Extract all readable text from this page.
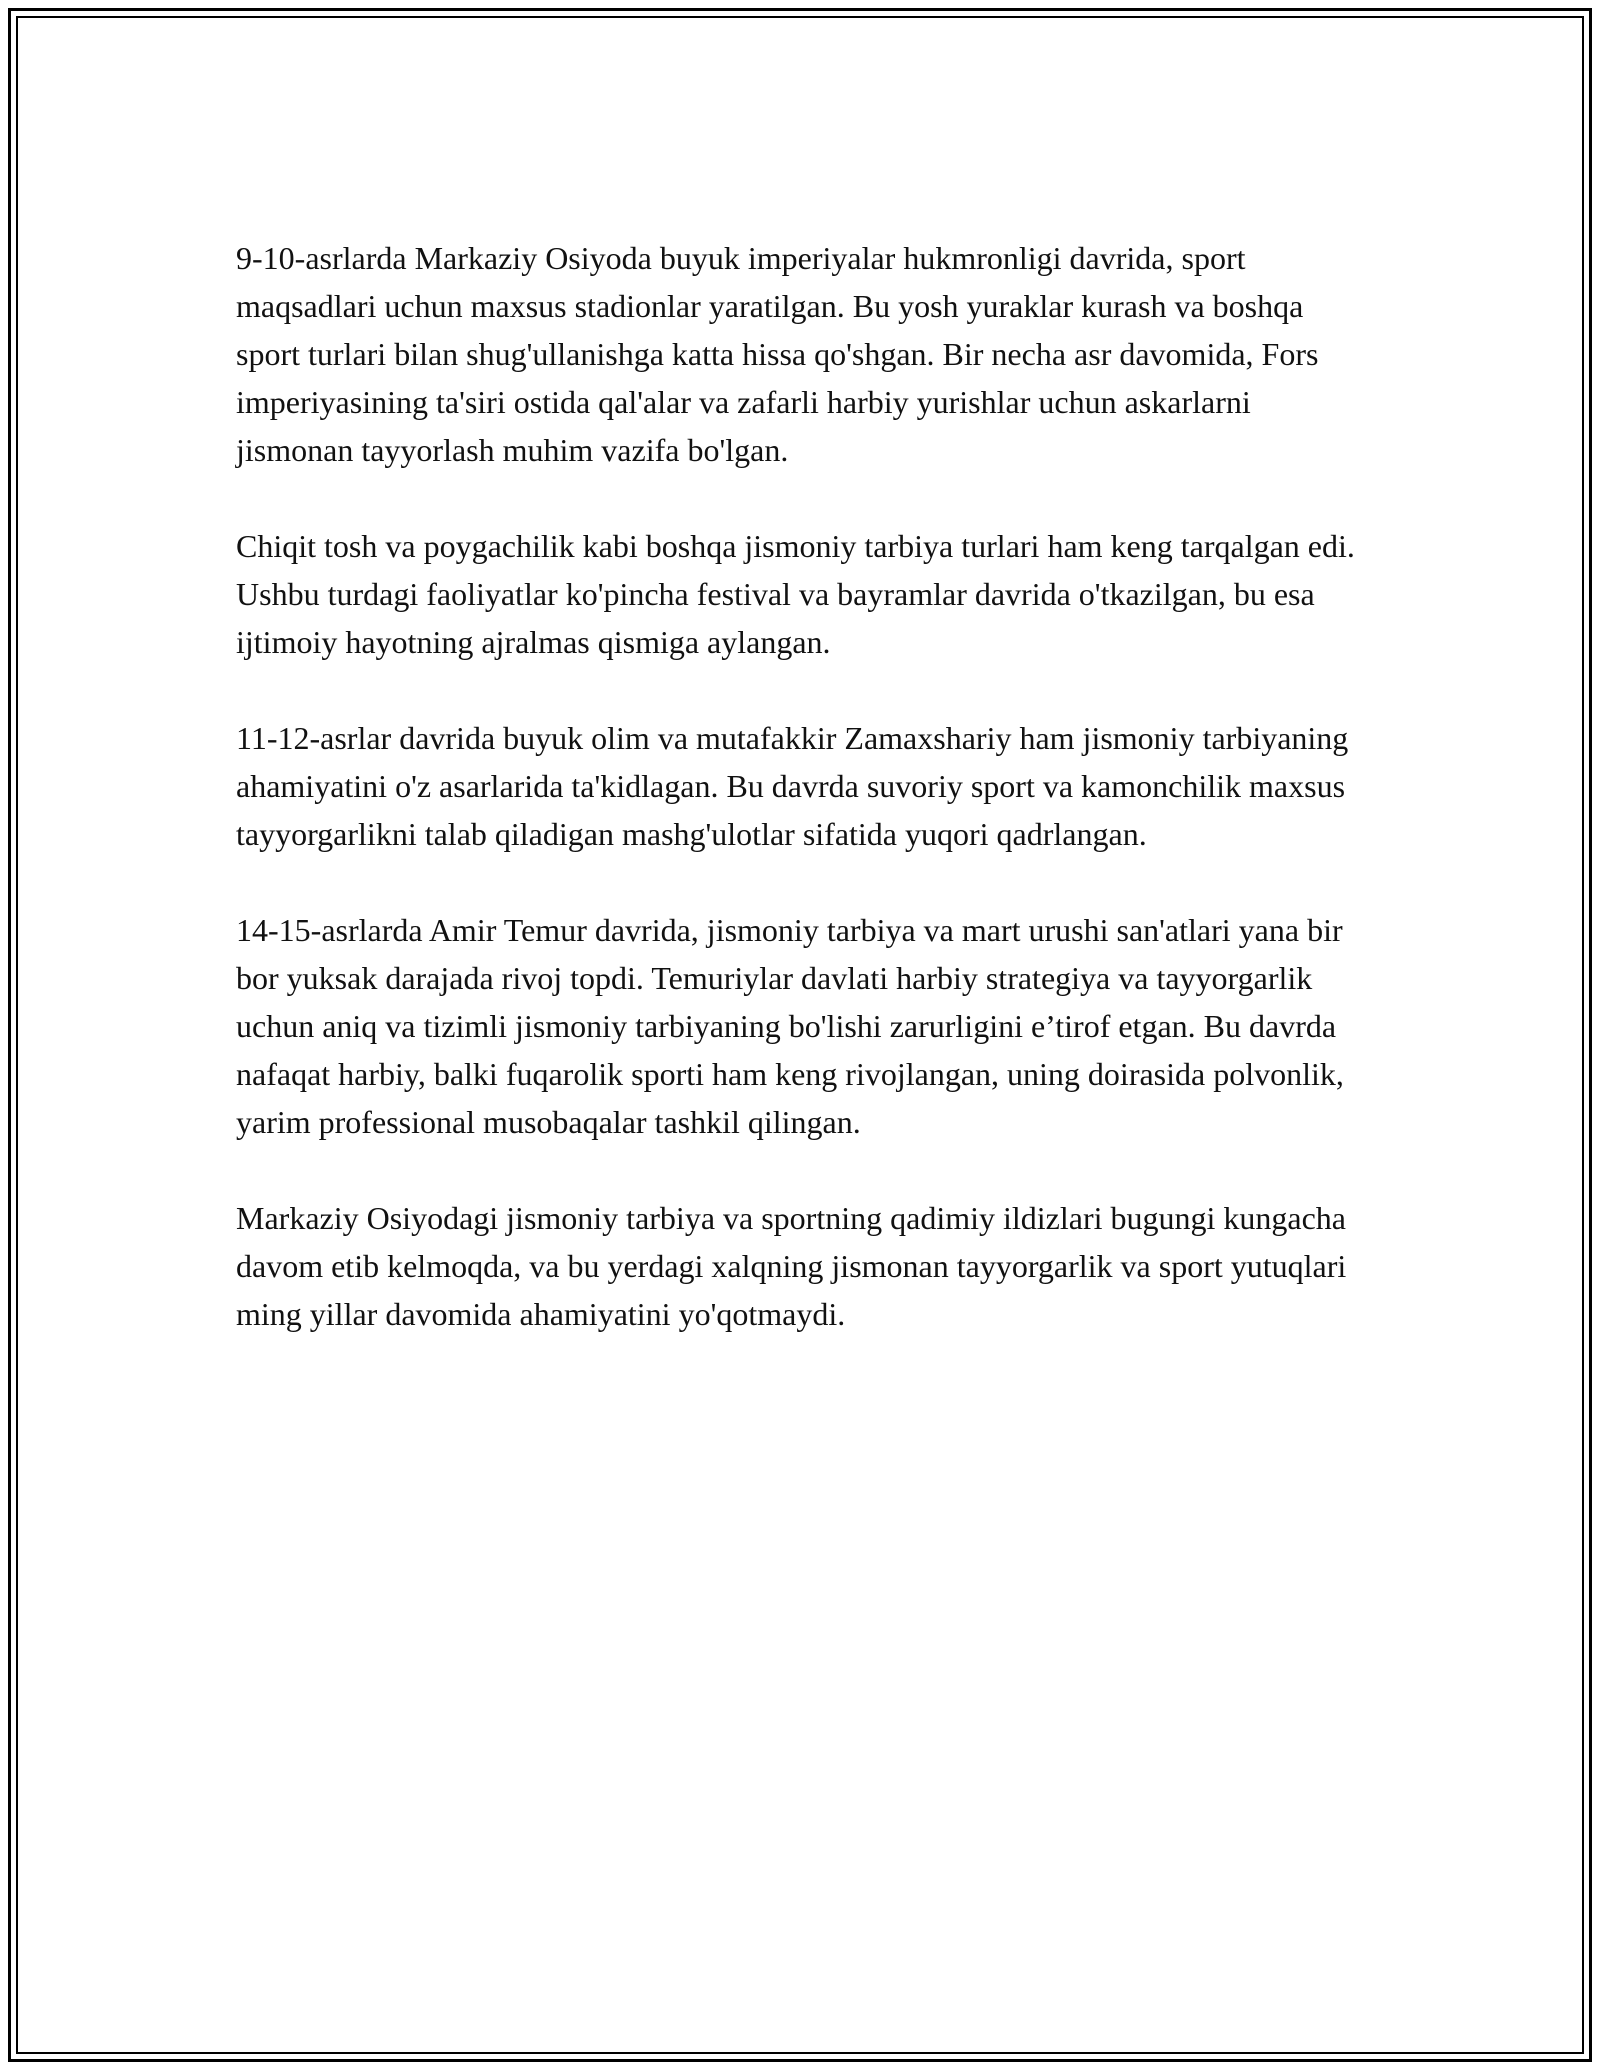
9-10-asrlarda Markaziy Osiyoda buyuk imperiyalar hukmronligi davrida, sport maqsadlari uchun maxsus stadionlar yaratilgan. Bu yosh yuraklar kurash va boshqa sport turlari bilan shug'ullanishga katta hissa qo'shgan. Bir necha asr davomida, Fors imperiyasining ta'siri ostida qal'alar va zafarli harbiy yurishlar uchun askarlarni jismonan tayyorlash muhim vazifa bo'lgan.

Chiqit tosh va poygachilik kabi boshqa jismoniy tarbiya turlari ham keng tarqalgan edi. Ushbu turdagi faoliyatlar ko'pincha festival va bayramlar davrida o'tkazilgan, bu esa ijtimoiy hayotning ajralmas qismiga aylangan.

11-12-asrlar davrida buyuk olim va mutafakkir Zamaxshariy ham jismoniy tarbiyaning ahamiyatini o'z asarlarida ta'kidlagan. Bu davrda suvoriy sport va kamonchilik maxsus tayyorgarlikni talab qiladigan mashg'ulotlar sifatida yuqori qadrlangan.

14-15-asrlarda Amir Temur davrida, jismoniy tarbiya va mart urushi san'atlari yana bir bor yuksak darajada rivoj topdi. Temuriylar davlati harbiy strategiya va tayyorgarlik uchun aniq va tizimli jismoniy tarbiyaning bo'lishi zarurligini e’tirof etgan. Bu davrda nafaqat harbiy, balki fuqarolik sporti ham keng rivojlangan, uning doirasida polvonlik, yarim professional musobaqalar tashkil qilingan.

Markaziy Osiyodagi jismoniy tarbiya va sportning qadimiy ildizlari bugungi kungacha davom etib kelmoqda, va bu yerdagi xalqning jismonan tayyorgarlik va sport yutuqlari ming yillar davomida ahamiyatini yo'qotmaydi.
